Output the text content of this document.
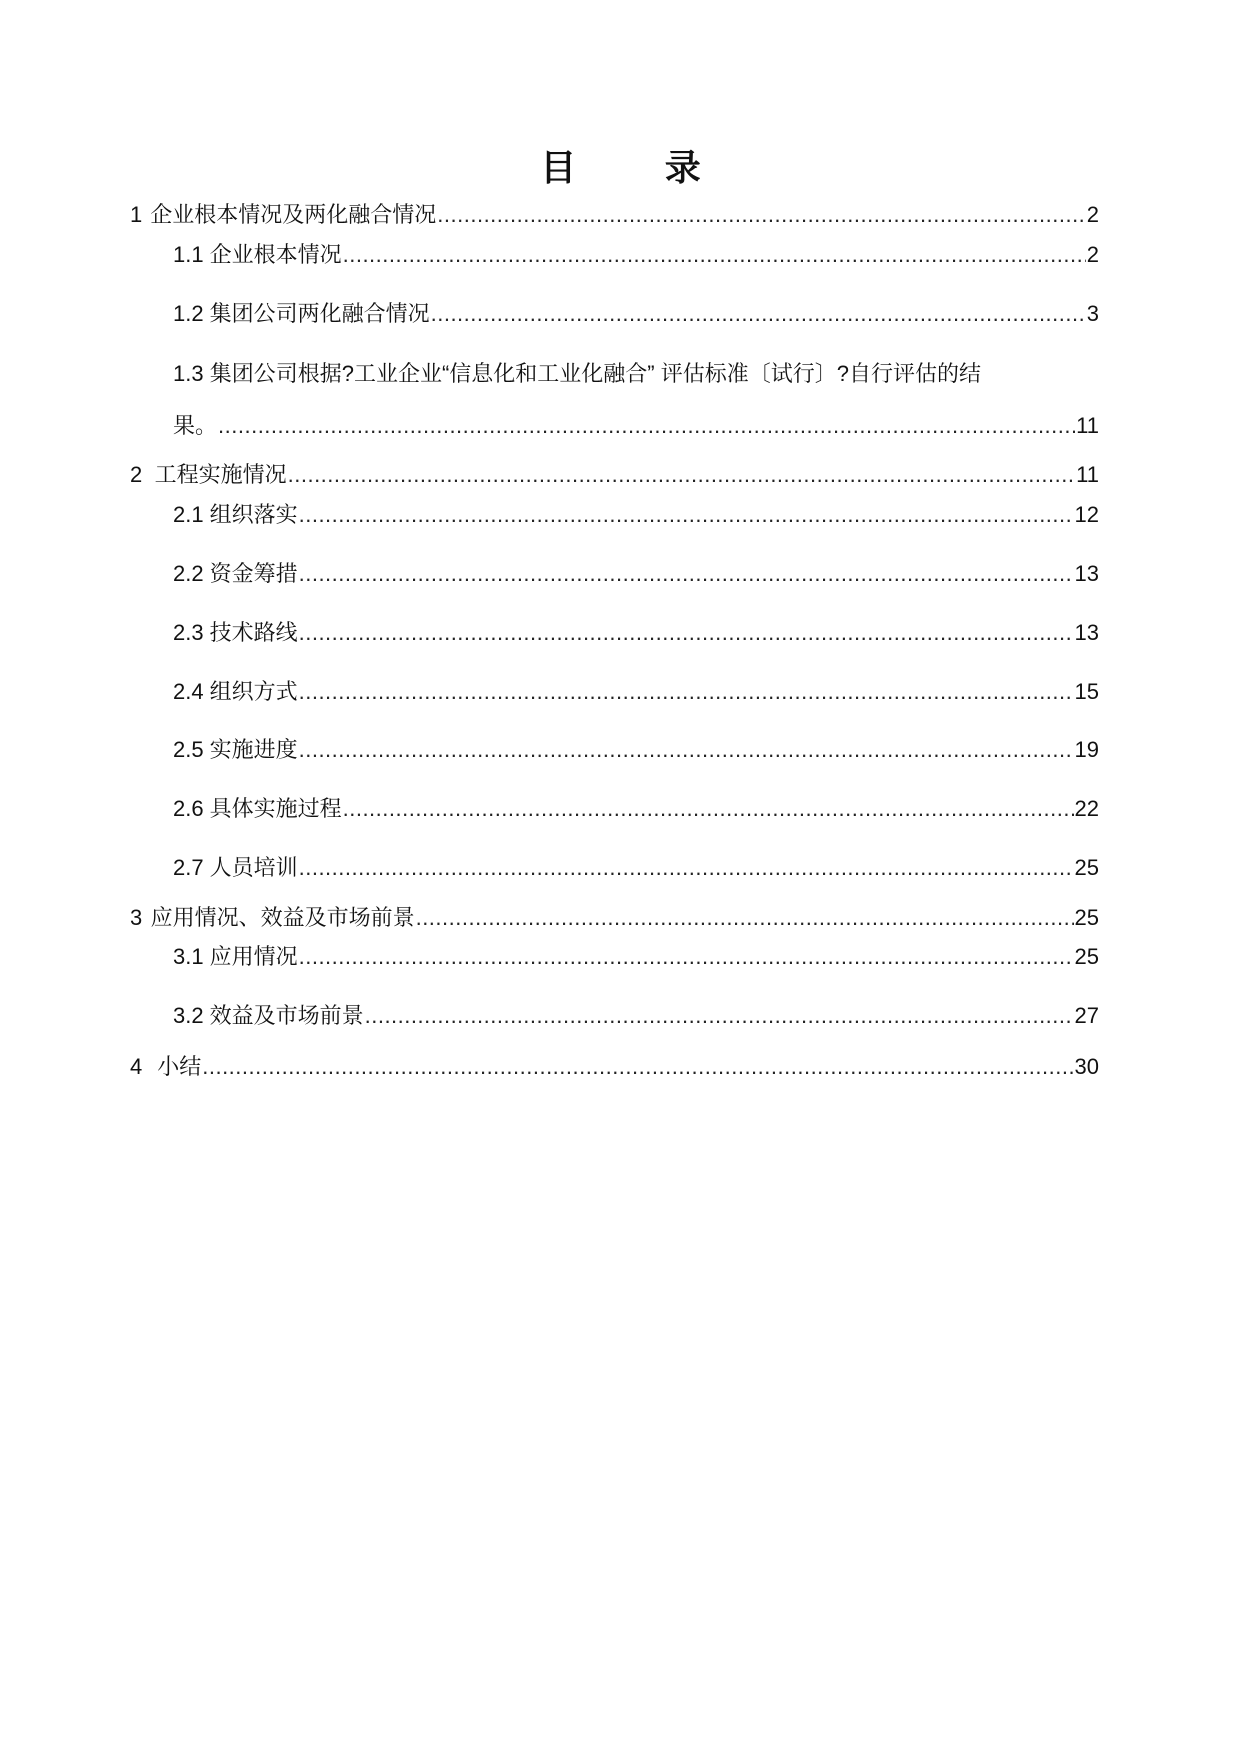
目 录
1 企业根本情况及两化融合情况 .....	2
1.1 企业根本情况 .....	2
1.2 集团公司两化融合情况 .....	3
1.3 集团公司根据?工业企业“信息化和工业化融合” 评估标准〔试行〕?自行评估的结
果。 .....	11
2 工程实施情况 .....	11
2.1 组织落实 .....	12
2.2 资金筹措 .....	13
2.3 技术路线 .....	13
2.4 组织方式 .....	15
2.5 实施进度 .....	19
2.6 具体实施过程 .....	22
2.7 人员培训 .....	25
3 应用情况、效益及市场前景 .....	25
3.1 应用情况 .....	25
3.2 效益及市场前景 .....	27
4 小结 .....	30
